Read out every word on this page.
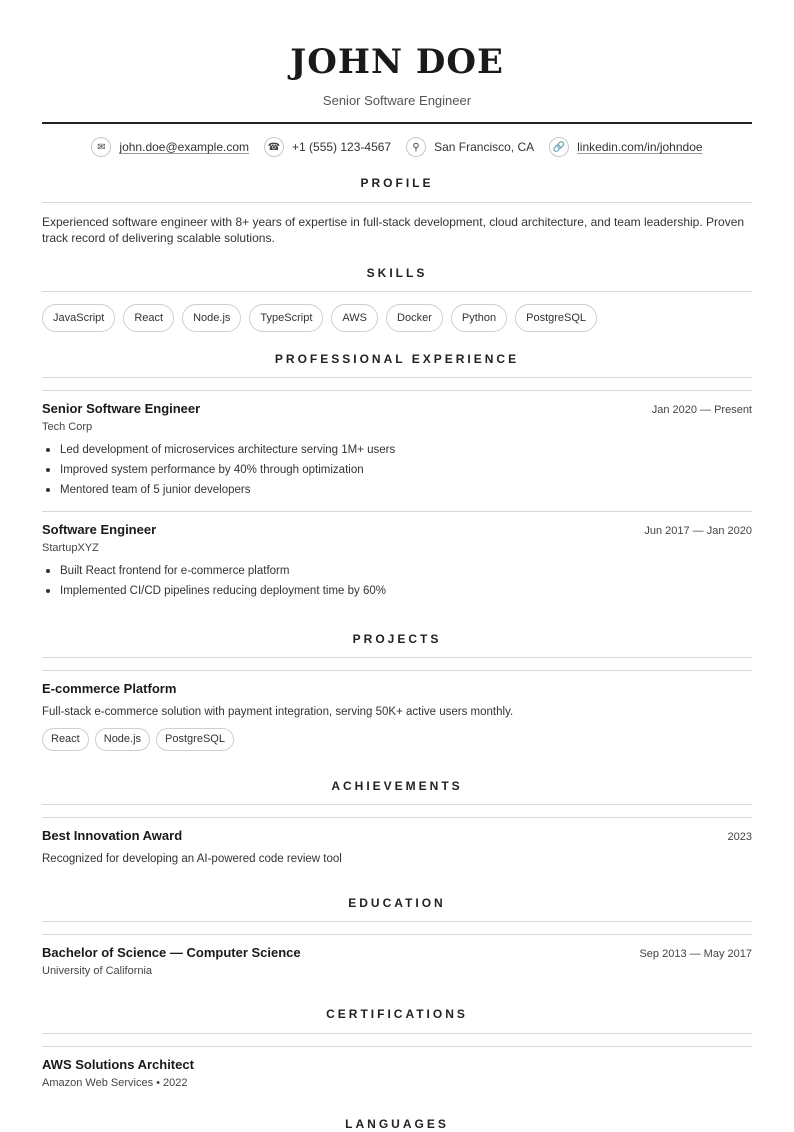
JOHN DOE
Senior Software Engineer
✉	john.doe@example.com	☎ +1 (555) 123-4567	⚲	San Francisco, CA	🔗 linkedin.com/in/johndoe
PROFILE

Experienced software engineer with 8+ years of expertise in full-stack development, cloud architecture, and team leadership. Proven track record of delivering scalable solutions.

SKILLS
JavaScript	React	Node.js	TypeScript	AWS	Docker	Python	PostgreSQL
PROFESSIONAL EXPERIENCE
Senior Software Engineer	Jan 2020 — Present
Tech Corp
Led development of microservices architecture serving 1M+ users
Improved system performance by 40% through optimization
Mentored team of 5 junior developers
Software Engineer	Jun 2017 — Jan 2020
StartupXYZ
Built React frontend for e-commerce platform
Implemented CI/CD pipelines reducing deployment time by 60%
PROJECTS
E-commerce Platform
Full-stack e-commerce solution with payment integration, serving 50K+ active users monthly.
React	Node.js	PostgreSQL
ACHIEVEMENTS
Best Innovation Award	2023
Recognized for developing an AI-powered code review tool
EDUCATION
Bachelor of Science — Computer Science	Sep 2013 — May 2017
University of California
CERTIFICATIONS
AWS Solutions Architect
Amazon Web Services • 2022
LANGUAGES
